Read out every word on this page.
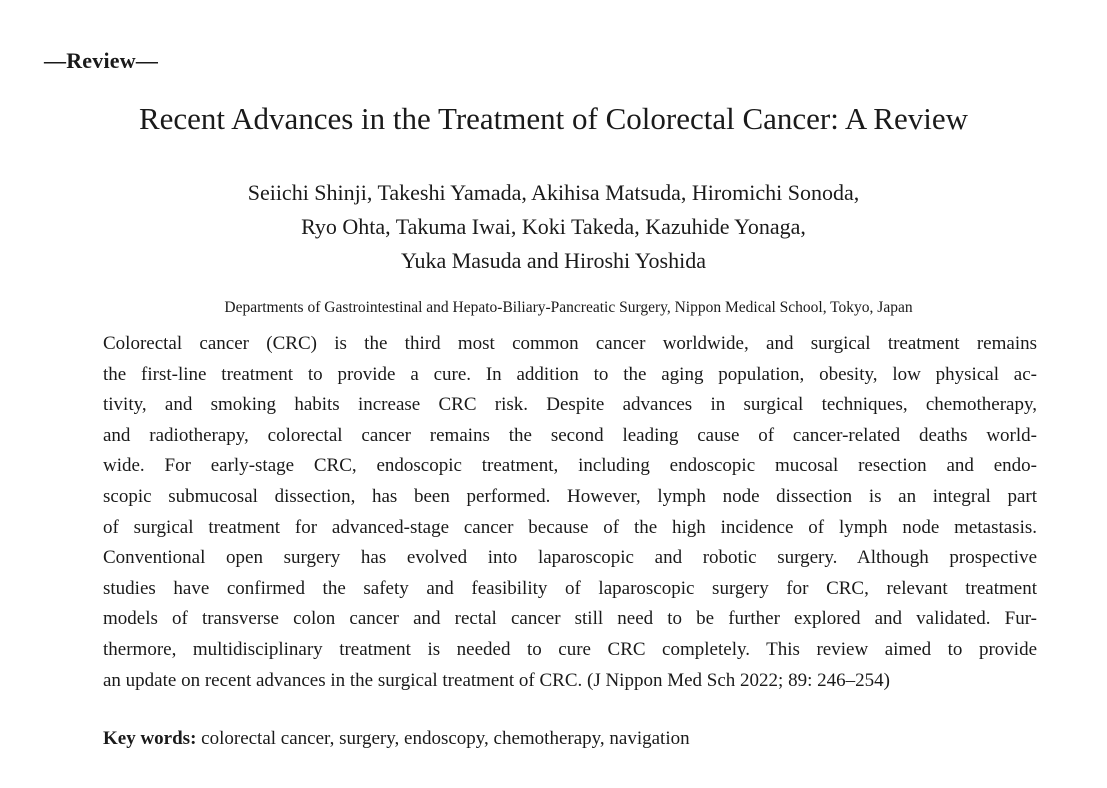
—Review—
Recent Advances in the Treatment of Colorectal Cancer: A Review
Seiichi Shinji, Takeshi Yamada, Akihisa Matsuda, Hiromichi Sonoda,
Ryo Ohta, Takuma Iwai, Koki Takeda, Kazuhide Yonaga,
Yuka Masuda and Hiroshi Yoshida

Departments of Gastrointestinal and Hepato-Biliary-Pancreatic Surgery, Nippon Medical School, Tokyo, Japan

Colorectal cancer (CRC) is the third most common cancer worldwide, and surgical treatment remains
the first-line treatment to provide a cure. In addition to the aging population, obesity, low physical ac-
tivity, and smoking habits increase CRC risk. Despite advances in surgical techniques, chemotherapy,
and radiotherapy, colorectal cancer remains the second leading cause of cancer-related deaths world-
wide. For early-stage CRC, endoscopic treatment, including endoscopic mucosal resection and endo-
scopic submucosal dissection, has been performed. However, lymph node dissection is an integral part
of surgical treatment for advanced-stage cancer because of the high incidence of lymph node metastasis.
Conventional open surgery has evolved into laparoscopic and robotic surgery. Although prospective
studies have confirmed the safety and feasibility of laparoscopic surgery for CRC, relevant treatment
models of transverse colon cancer and rectal cancer still need to be further explored and validated. Fur-
thermore, multidisciplinary treatment is needed to cure CRC completely. This review aimed to provide
an update on recent advances in the surgical treatment of CRC. (J Nippon Med Sch 2022; 89: 246–254)

Key words: colorectal cancer, surgery, endoscopy, chemotherapy, navigation
